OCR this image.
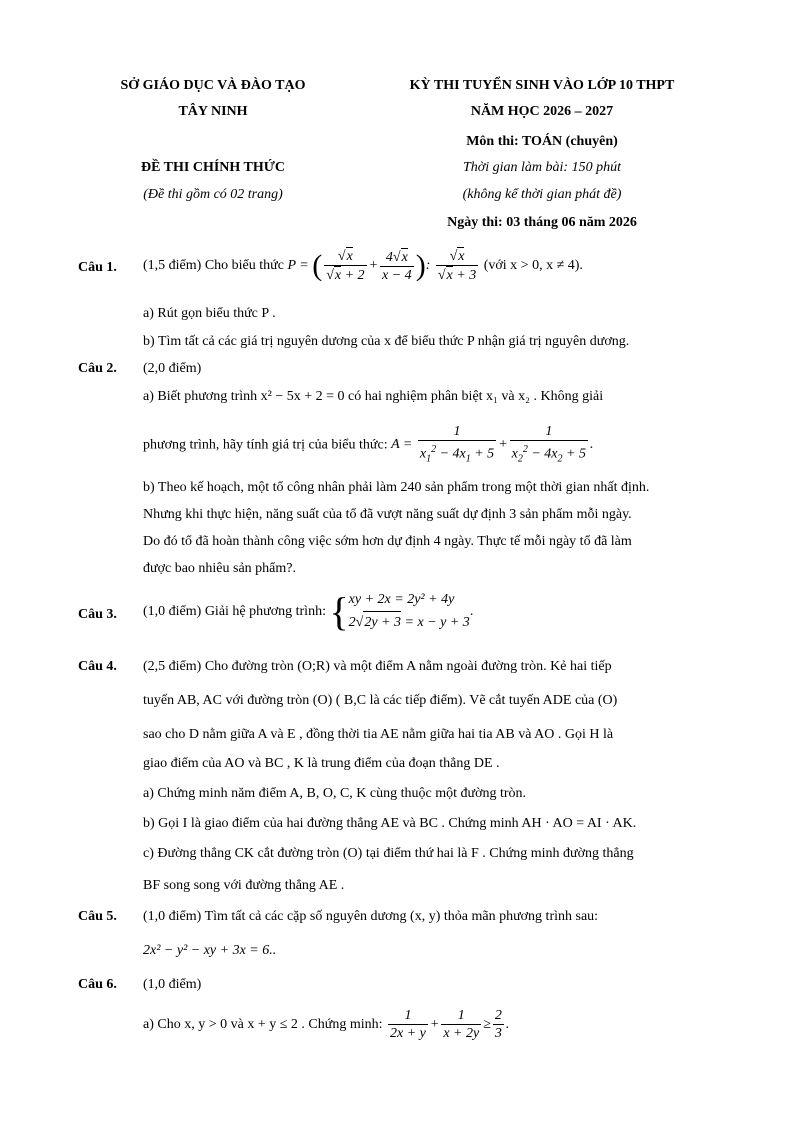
SỞ GIÁO DỤC VÀ ĐÀO TẠO
TÂY NINH
ĐỀ THI CHÍNH THỨC
(Đề thi gồm có 02 trang)
KỲ THI TUYỂN SINH VÀO LỚP 10 THPT
NĂM HỌC 2026 – 2027
Môn thi: TOÁN (chuyên)
Thời gian làm bài: 150 phút
(không kể thời gian phát đề)
Ngày thi: 03 tháng 06 năm 2026
Câu 1. (1,5 điểm) Cho biểu thức P = ( $\frac{√x}{√x + 2} + \frac{4√x}{x - 4}$ ): $\frac{√x}{√x + 3}$ (với x > 0, x ≠ 4).
a) Rút gọn biểu thức P .
b) Tìm tất cả các giá trị nguyên dương của x để biểu thức P nhận giá trị nguyên dương.
Câu 2. (2,0 điểm)
a) Biết phương trình x² − 5x + 2 = 0 có hai nghiệm phân biệt x₁ và x₂ . Không giải
phương trình, hãy tính giá trị của biểu thức: $A = \frac{1}{x_1^2 - 4x_1 + 5} + \frac{1}{x_2^2 - 4x_2 + 5}$ .
b) Theo kế hoạch, một tổ công nhân phải làm 240 sản phẩm trong một thời gian nhất định.
Nhưng khi thực hiện, năng suất của tổ đã vượt năng suất dự định 3 sản phẩm mỗi ngày.
Do đó tổ đã hoàn thành công việc sớm hơn dự định 4 ngày. Thực tế mỗi ngày tổ đã làm
được bao nhiêu sản phẩm?.
Câu 3. (1,0 điểm) Giải hệ phương trình: { xy + 2x = 2y² + 4y
2√2y + 3 = x − y + 3
.
Câu 4. (2,5 điểm) Cho đường tròn (O;R) và một điểm A nằm ngoài đường tròn. Kẻ hai tiếp
tuyến AB, AC với đường tròn (O) ( B,C là các tiếp điểm). Vẽ cắt tuyến ADE của (O)
sao cho D nằm giữa A và E , đồng thời tia AE nằm giữa hai tia AB và AO . Gọi H là
giao điểm của AO và BC , K là trung điểm của đoạn thẳng DE .
a) Chứng minh năm điểm A, B, O, C, K cùng thuộc một đường tròn.
b) Gọi I là giao điểm của hai đường thẳng AE và BC . Chứng minh AH · AO = AI · AK.
c) Đường thẳng CK cắt đường tròn (O) tại điểm thứ hai là F . Chứng minh đường thẳng
BF song song với đường thẳng AE .
Câu 5. (1,0 điểm) Tìm tất cả các cặp số nguyên dương (x, y) thỏa mãn phương trình sau:
2x² − y² − xy + 3x = 6..
Câu 6. (1,0 điểm)
a) Cho x, y > 0 và x + y ≤ 2 . Chứng minh: $\frac{1}{2x + y} + \frac{1}{x + 2y} \ge \frac{2}{3}$ .
